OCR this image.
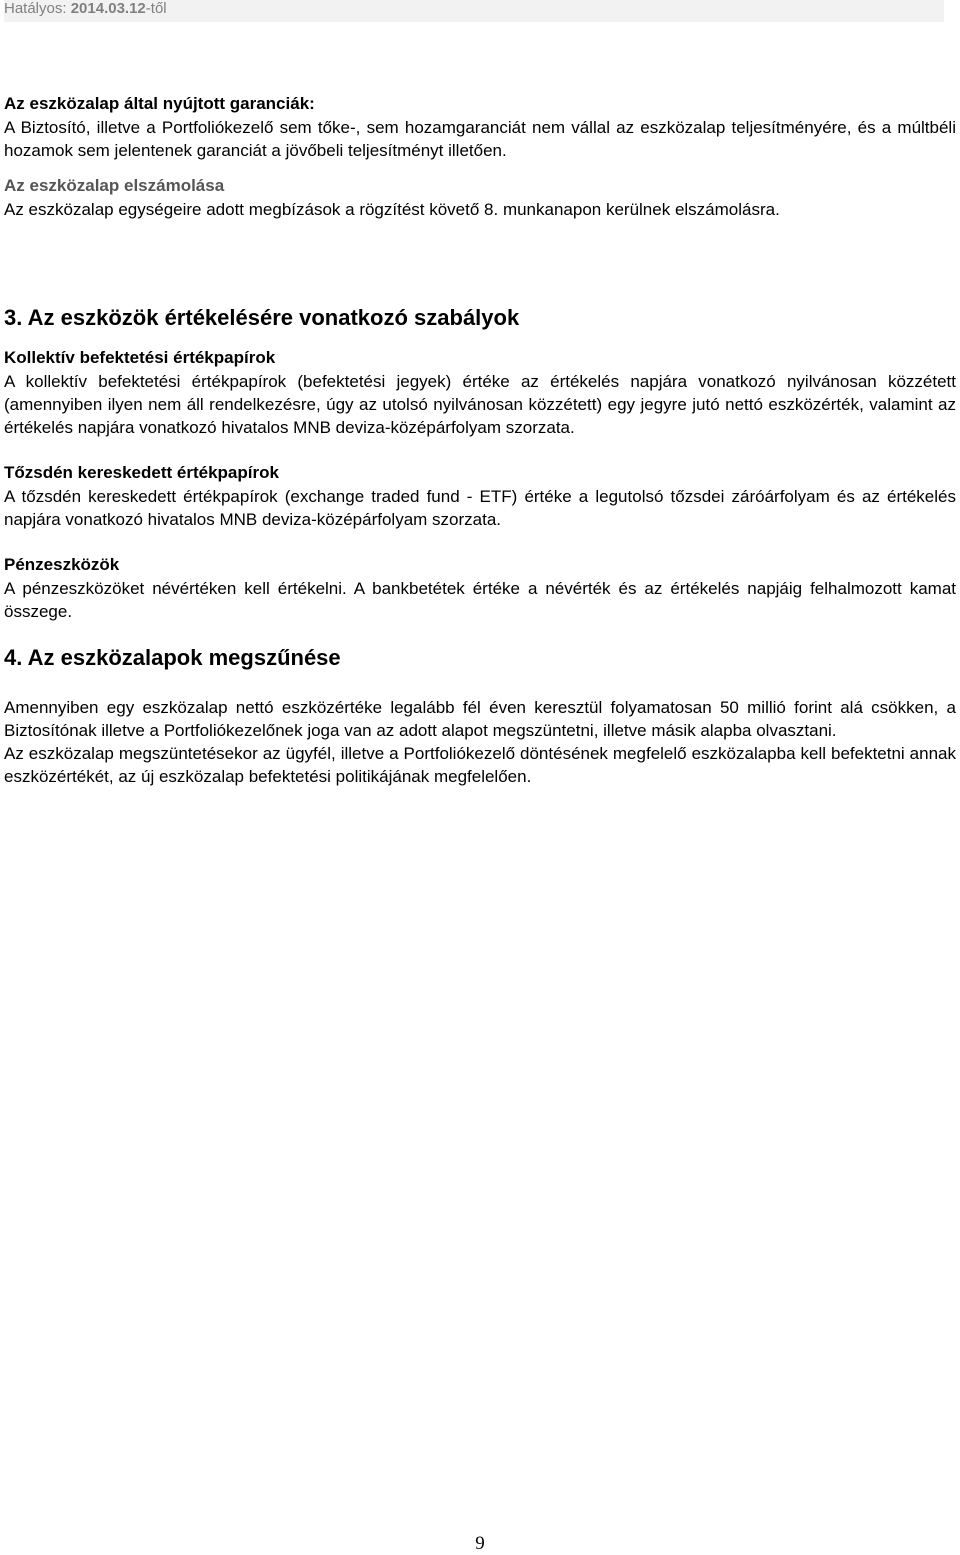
Hatályos: 2014.03.12-től

Az eszközalap által nyújtott garanciák:

A Biztosító, illetve a Portfoliókezelő sem tőke-, sem hozamgaranciát nem vállal az eszközalap teljesítményére, és a múltbéli hozamok sem jelentenek garanciát a jövőbeli teljesítményt illetően.

Az eszközalap elszámolása

Az eszközalap egységeire adott megbízások a rögzítést követő 8. munkanapon kerülnek elszámolásra.

3. Az eszközök értékelésére vonatkozó szabályok

Kollektív befektetési értékpapírok

A kollektív befektetési értékpapírok (befektetési jegyek) értéke az értékelés napjára vonatkozó nyilvánosan közzétett (amennyiben ilyen nem áll rendelkezésre, úgy az utolsó nyilvánosan közzétett) egy jegyre jutó nettó eszközérték, valamint az értékelés napjára vonatkozó hivatalos MNB deviza-középárfolyam szorzata.

Tőzsdén kereskedett értékpapírok

A tőzsdén kereskedett értékpapírok (exchange traded fund - ETF) értéke a legutolsó tőzsdei záróárfolyam és az értékelés napjára vonatkozó hivatalos MNB deviza-középárfolyam szorzata.

Pénzeszközök

A pénzeszközöket névértéken kell értékelni. A bankbetétek értéke a névérték és az értékelés napjáig felhalmozott kamat összege.

4. Az eszközalapok megszűnése

Amennyiben egy eszközalap nettó eszközértéke legalább fél éven keresztül folyamatosan 50 millió forint alá csökken, a Biztosítónak illetve a Portfoliókezelőnek joga van az adott alapot megszüntetni, illetve másik alapba olvasztani.

Az eszközalap megszüntetésekor az ügyfél, illetve a Portfoliókezelő döntésének megfelelő eszközalapba kell befektetni annak eszközértékét, az új eszközalap befektetési politikájának megfelelően.

9
